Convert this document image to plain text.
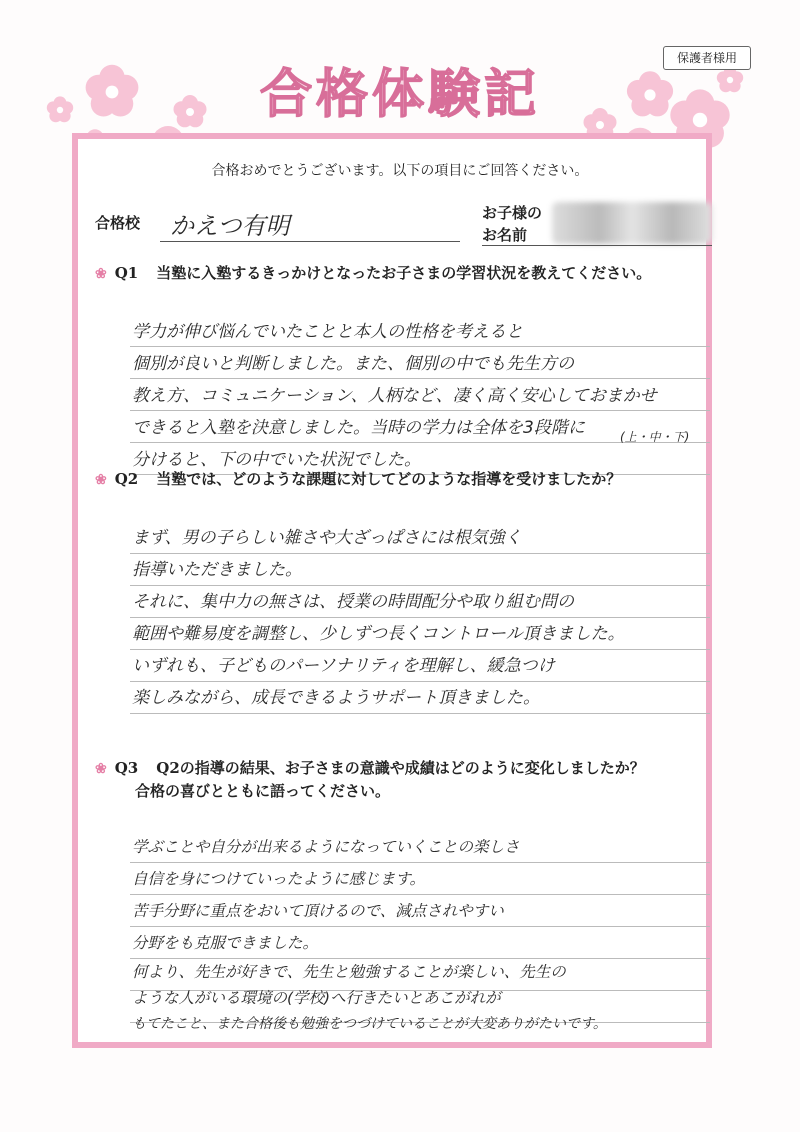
保護者様用
合格体験記
合格おめでとうございます。以下の項目にご回答ください。
合格校 かえつ有明	お子様の
お名前
❀ Q1 当塾に入塾するきっかけとなったお子さまの学習状況を教えてください。
学力が伸び悩んでいたことと本人の性格を考えると
個別が良いと判断しました。また、個別の中でも先生方の
教え方、コミュニケーション、人柄など、凄く高く安心しておまかせ
できると入塾を決意しました。当時の学力は全体を3段階に
分けると、下の中でいた状況でした。
(上・中・下)
❀ Q2 当塾では、どのような課題に対してどのような指導を受けましたか？
まず、男の子らしい雑さや大ざっぱさには根気強く
指導いただきました。
それに、集中力の無さは、授業の時間配分や取り組む問の
範囲や難易度を調整し、少しずつ長くコントロール頂きました。
いずれも、子どものパーソナリティを理解し、緩急つけ
楽しみながら、成長できるようサポート頂きました。
❀ Q3 Q2の指導の結果、お子さまの意識や成績はどのように変化しましたか？
合格の喜びとともに語ってください。
学ぶことや自分が出来るようになっていくことの楽しさ
自信を身につけていったように感じます。
苦手分野に重点をおいて頂けるので、減点されやすい
分野をも克服できました。
何より、先生が好きで、先生と勉強することが楽しい、先生の
ような人がいる環境の(学校)へ行きたいとあこがれが
もてたこと、また合格後も勉強をつづけていることが大変ありがたいです。
